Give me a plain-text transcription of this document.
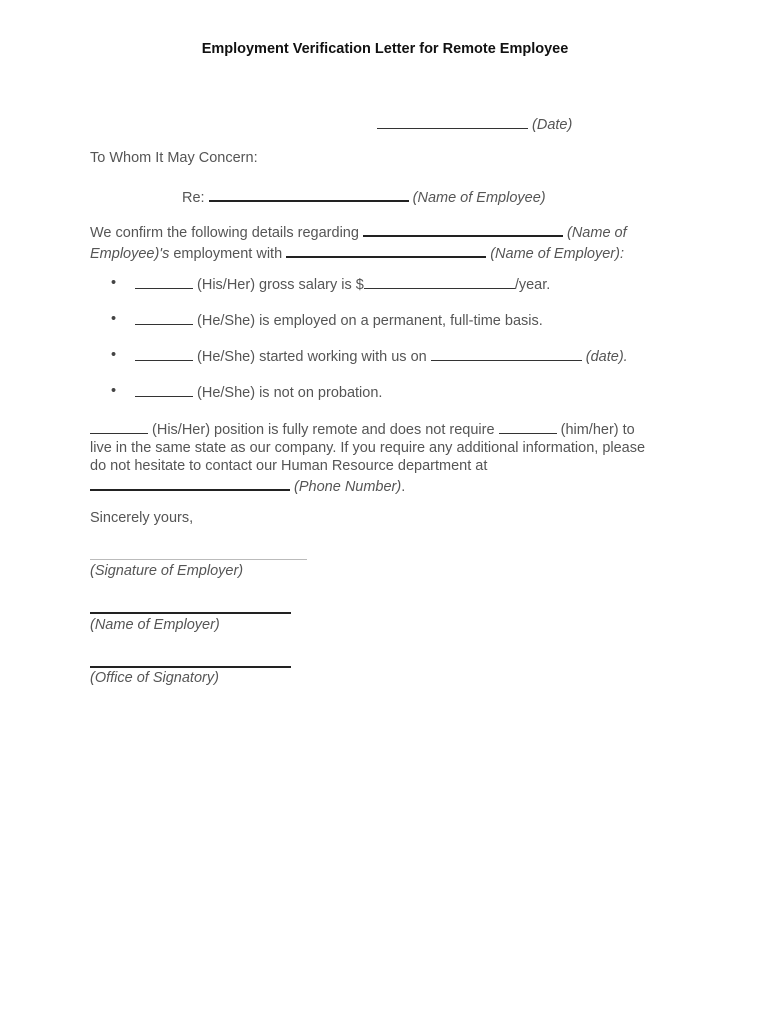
Employment Verification Letter for Remote Employee
(Date)
To Whom It May Concern:
Re:	(Name of Employee)
We confirm the following details regarding	(Name of
Employee)'s employment with	(Name of Employer):
•	(His/Her) gross salary is $	/year.
•	(He/She) is employed on a permanent, full-time basis.
•	(He/She) started working with us on	(date).
•	(He/She) is not on probation.
(His/Her) position is fully remote and does not require	(him/her) to
live in the same state as our company. If you require any additional information, please
do not hesitate to contact our Human Resource department at
(Phone Number).
Sincerely yours,
(Signature of Employer)
(Name of Employer)
(Office of Signatory)
